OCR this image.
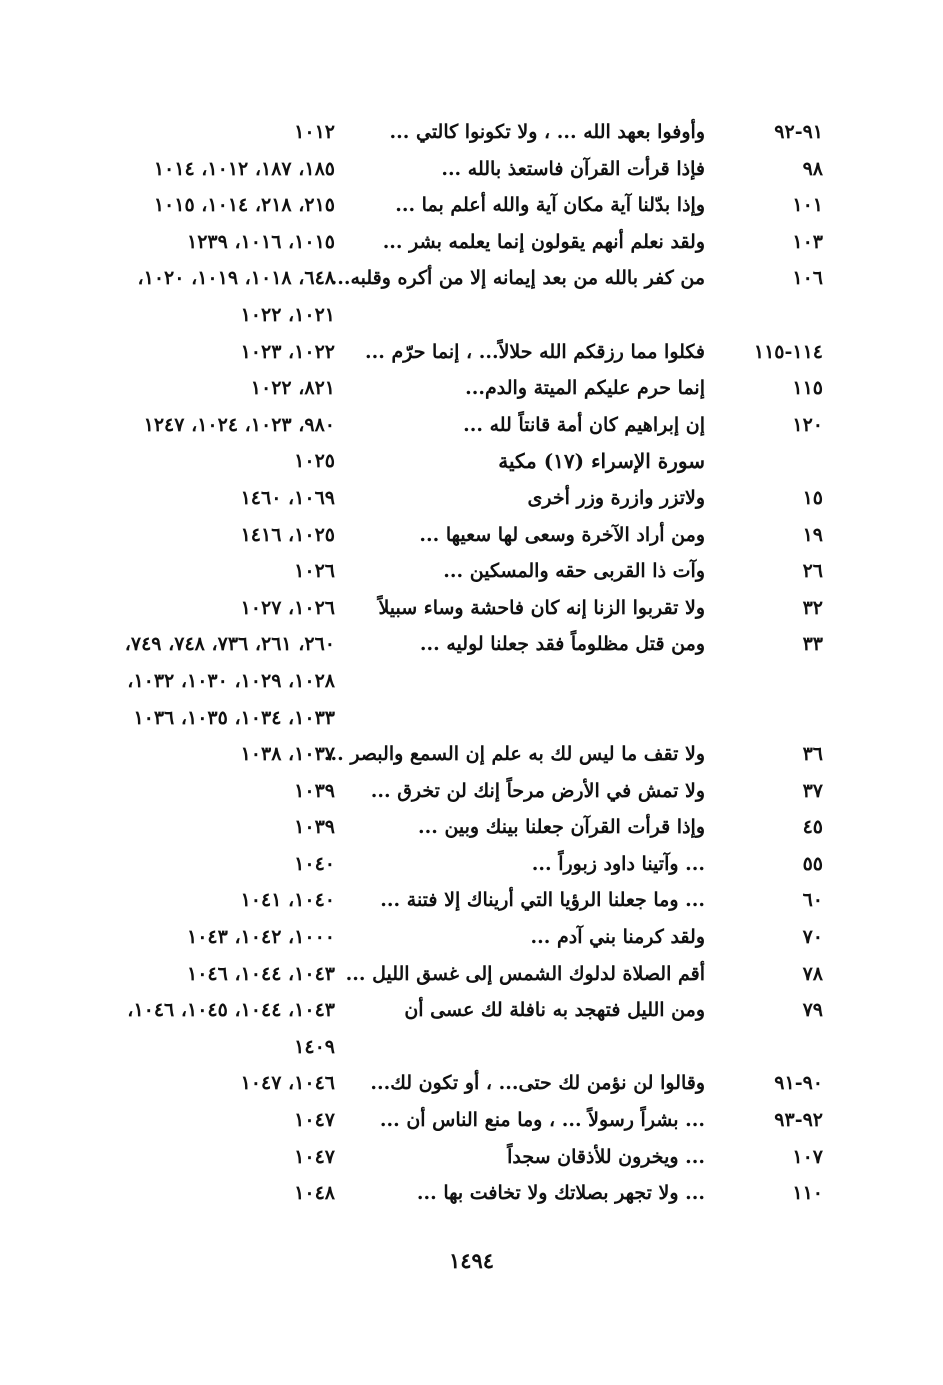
٩١-٩٢
وأوفوا بعهد الله ... ، ولا تكونوا كالتي ...
١٠١٢
٩٨
فإذا قرأت القرآن فاستعذ بالله ...
١٨٥، ١٨٧، ١٠١٢، ١٠١٤
١٠١
وإذا بدّلنا آية مكان آية والله أعلم بما ...
٢١٥، ٢١٨، ١٠١٤، ١٠١٥
١٠٣
ولقد نعلم أنهم يقولون إنما يعلمه بشر ...
١٠١٥، ١٠١٦، ١٢٣٩
١٠٦
من كفر بالله من بعد إيمانه إلا من أكره وقلبه...
٦٤٨، ١٠١٨، ١٠١٩، ١٠٢٠،
١٠٢١، ١٠٢٢
١١٤-١١٥
فكلوا مما رزقكم الله حلالاً... ، إنما حرّم ...
١٠٢٢، ١٠٢٣
١١٥
إنما حرم عليكم الميتة والدم...
٨٢١، ١٠٢٢
١٢٠
إن إبراهيم كان أمة قانتاً لله ...
٩٨٠، ١٠٢٣، ١٠٢٤، ١٢٤٧
سورة الإسراء (١٧) مكية
١٠٢٥
١٥
ولاتزر وازرة وزر أخرى
١٠٦٩، ١٤٦٠
١٩
ومن أراد الآخرة وسعى لها سعيها ...
١٠٢٥، ١٤١٦
٢٦
وآت ذا القربى حقه والمسكين ...
١٠٢٦
٣٢
ولا تقربوا الزنا إنه كان فاحشة وساء سبيلاً
١٠٢٦، ١٠٢٧
٣٣
ومن قتل مظلوماً فقد جعلنا لوليه ...
٢٦٠، ٢٦١، ٧٣٦، ٧٤٨، ٧٤٩،
١٠٢٨، ١٠٢٩، ١٠٣٠، ١٠٣٢،
١٠٣٣، ١٠٣٤، ١٠٣٥، ١٠٣٦
٣٦
ولا تقف ما ليس لك به علم إن السمع والبصر ...
١٠٣٧، ١٠٣٨
٣٧
ولا تمش في الأرض مرحاً إنك لن تخرق ...
١٠٣٩
٤٥
وإذا قرأت القرآن جعلنا بينك وبين ...
١٠٣٩
٥٥
... وآتينا داود زبوراً ...
١٠٤٠
٦٠
... وما جعلنا الرؤيا التي أريناك إلا فتنة ...
١٠٤٠، ١٠٤١
٧٠
ولقد كرمنا بني آدم ...
١٠٠٠، ١٠٤٢، ١٠٤٣
٧٨
أقم الصلاة لدلوك الشمس إلى غسق الليل ...
١٠٤٣، ١٠٤٤، ١٠٤٦
٧٩
ومن الليل فتهجد به نافلة لك عسى أن
١٠٤٣، ١٠٤٤، ١٠٤٥، ١٠٤٦،
١٤٠٩
٩٠-٩١
وقالوا لن نؤمن لك حتى... ، أو تكون لك...
١٠٤٦، ١٠٤٧
٩٢-٩٣
... بشراً رسولاً ... ، وما منع الناس أن ...
١٠٤٧
١٠٧
... ويخرون للأذقان سجداً
١٠٤٧
١١٠
... ولا تجهر بصلاتك ولا تخافت بها ...
١٠٤٨
١٤٩٤
